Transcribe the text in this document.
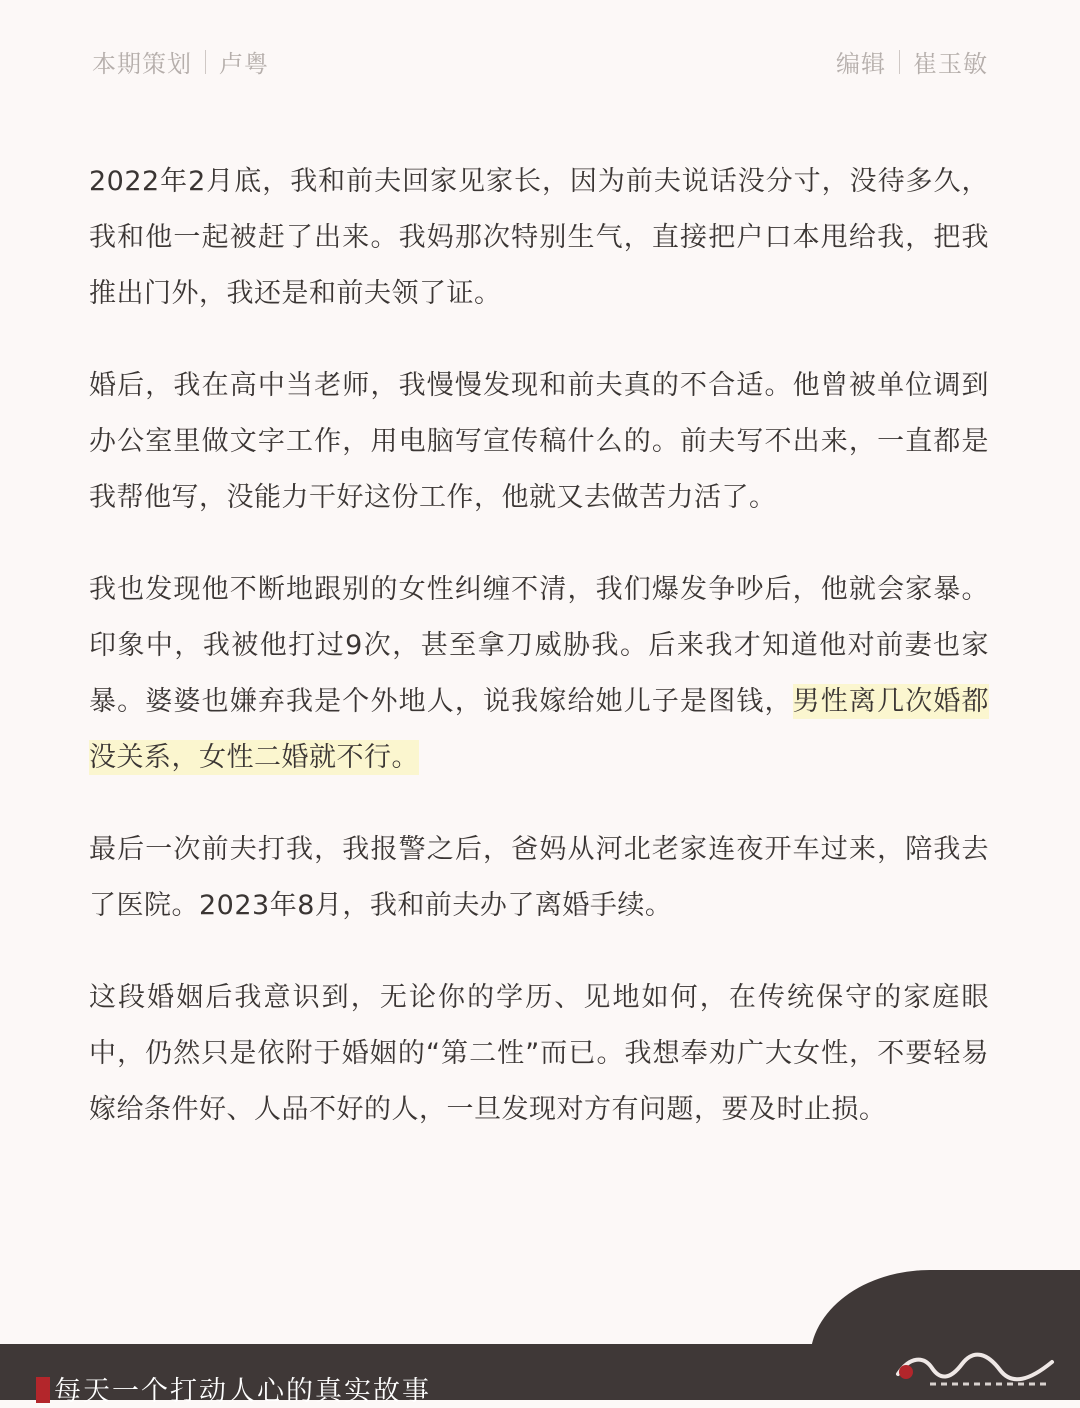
本期策划 卢粤	编辑 崔玉敏

2022年2月底，我和前夫回家见家长，因为前夫说话没分寸，没待多久，我和他一起被赶了出来。我妈那次特别生气，直接把户口本甩给我，把我推出门外，我还是和前夫领了证。

婚后，我在高中当老师，我慢慢发现和前夫真的不合适。他曾被单位调到办公室里做文字工作，用电脑写宣传稿什么的。前夫写不出来，一直都是我帮他写，没能力干好这份工作，他就又去做苦力活了。

我也发现他不断地跟别的女性纠缠不清，我们爆发争吵后，他就会家暴。印象中，我被他打过9次，甚至拿刀威胁我。后来我才知道他对前妻也家暴。婆婆也嫌弃我是个外地人，说我嫁给她儿子是图钱，男性离几次婚都没关系，女性二婚就不行。

最后一次前夫打我，我报警之后，爸妈从河北老家连夜开车过来，陪我去了医院。2023年8月，我和前夫办了离婚手续。

这段婚姻后我意识到，无论你的学历、见地如何，在传统保守的家庭眼中，仍然只是依附于婚姻的“第二性”而已。我想奉劝广大女性，不要轻易嫁给条件好、人品不好的人，一旦发现对方有问题，要及时止损。

每天一个打动人心的真实故事
